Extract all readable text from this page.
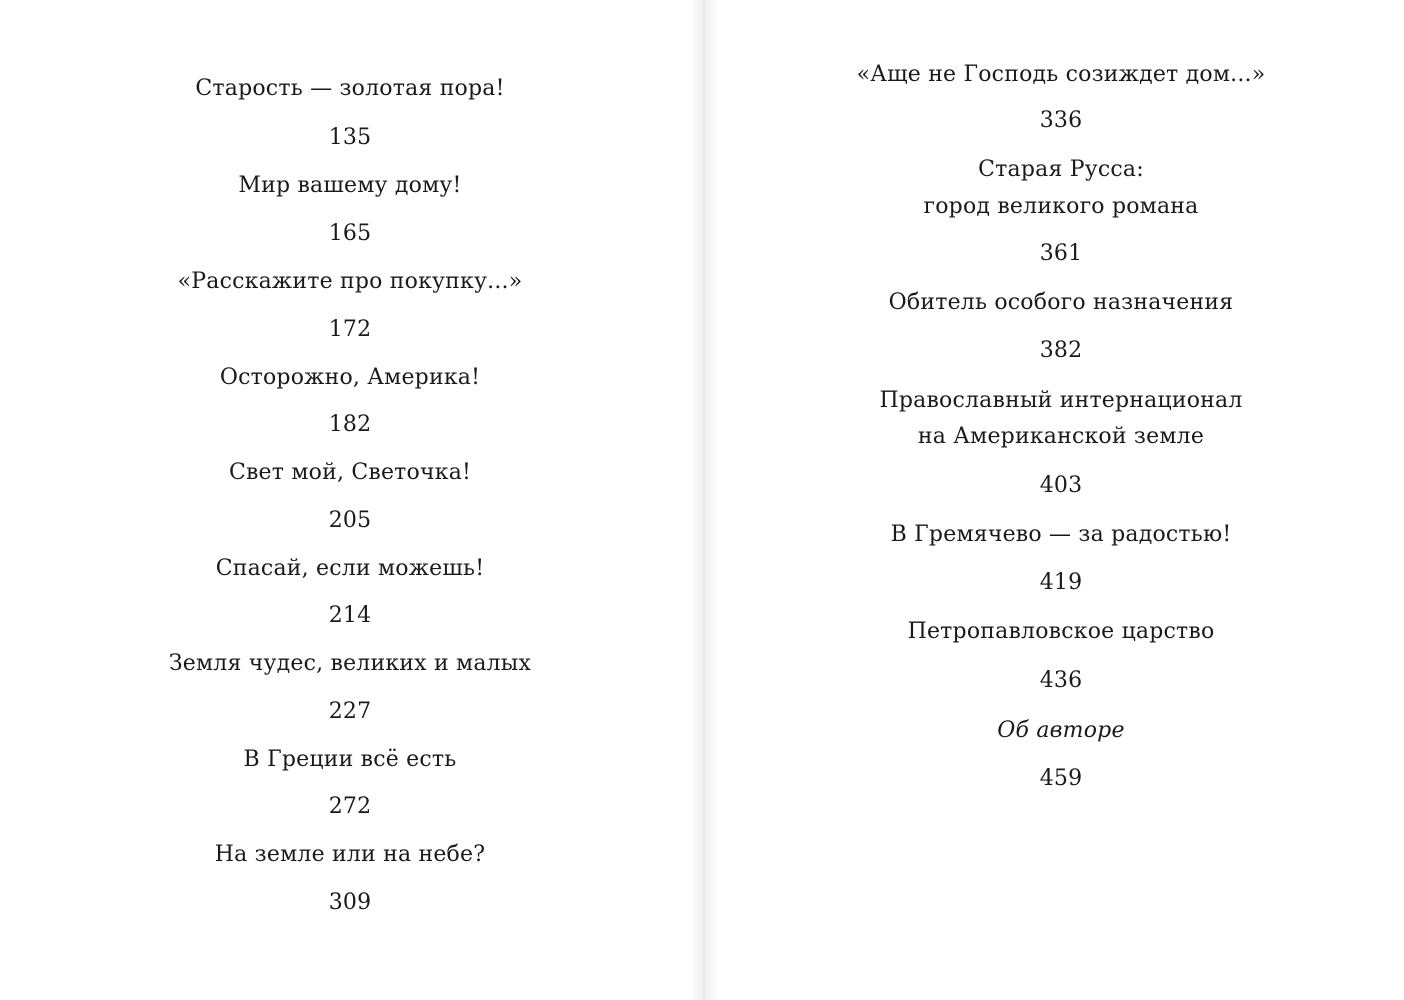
Старость — золотая пора!
135
Мир вашему дому!
165
«Расскажите про покупку...»
172
Осторожно, Америка!
182
Свет мой, Светочка!
205
Спасай, если можешь!
214
Земля чудес, великих и малых
227
В Греции всё есть
272
На земле или на небе?
309
«Аще не Господь созиждет дом...»
336
Старая Русса:
город великого романа
361
Обитель особого назначения
382
Православный интернационал
на Американской земле
403
В Гремячево — за радостью!
419
Петропавловское царство
436
Об авторе
459
